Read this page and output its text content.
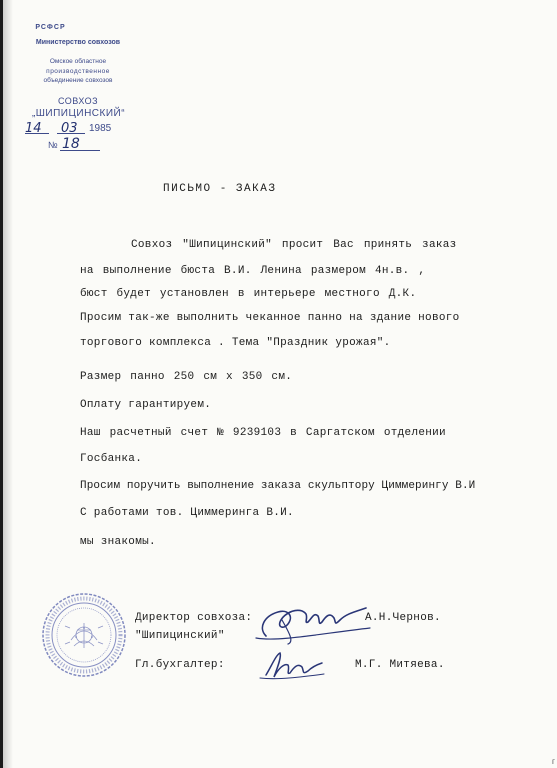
РСФСР
Министерство совхозов
Омское областное
производственное
объединение совхозов
СОВХОЗ
„ШИПИЦИНСКИЙ“
14 03 1985
№ 18
ПИСЬМО - ЗАКАЗ
Совхоз "Шипицинский" просит Вас принять заказ
на выполнение бюста В.И. Ленина размером 4н.в. ,
бюст будет установлен в интерьере местного Д.К.
Просим так-же выполнить чеканное панно на здание нового
торгового комплекса . Тема "Праздник урожая".
Размер панно 250 см х 350 см.
Оплату гарантируем.
Наш расчетный счет № 9239103 в Саргатском отделении
Госбанка.
Просим поручить выполнение заказа скульптору Циммерингу В.И
С работами тов. Циммеринга В.И.
мы знакомы.
Директор совхоза:
"Шипицинский"
А.Н.Чернов.
Гл.бухгалтер:	М.Г. Митяева.
г
